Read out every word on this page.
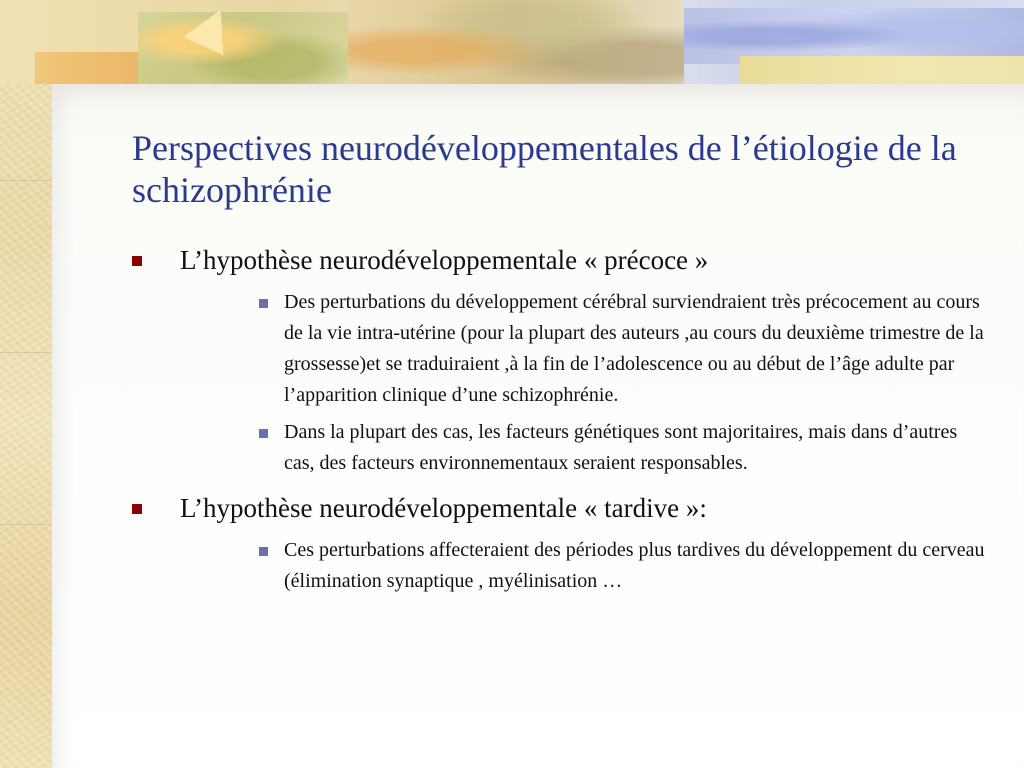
Perspectives neurodéveloppementales de l’étiologie de la schizophrénie
L’hypothèse neurodéveloppementale « précoce »
Des perturbations du développement cérébral surviendraient très précocement au cours de la vie intra-utérine (pour la plupart des auteurs ,au cours du deuxième trimestre de la grossesse)et se traduiraient ,à la fin de l’adolescence ou au début de l’âge adulte par l’apparition clinique d’une schizophrénie.
Dans la plupart des cas, les facteurs génétiques sont majoritaires, mais dans d’autres cas, des facteurs environnementaux seraient responsables.
L’hypothèse neurodéveloppementale « tardive »:
Ces perturbations affecteraient des périodes plus tardives du développement du cerveau (élimination synaptique , myélinisation …
